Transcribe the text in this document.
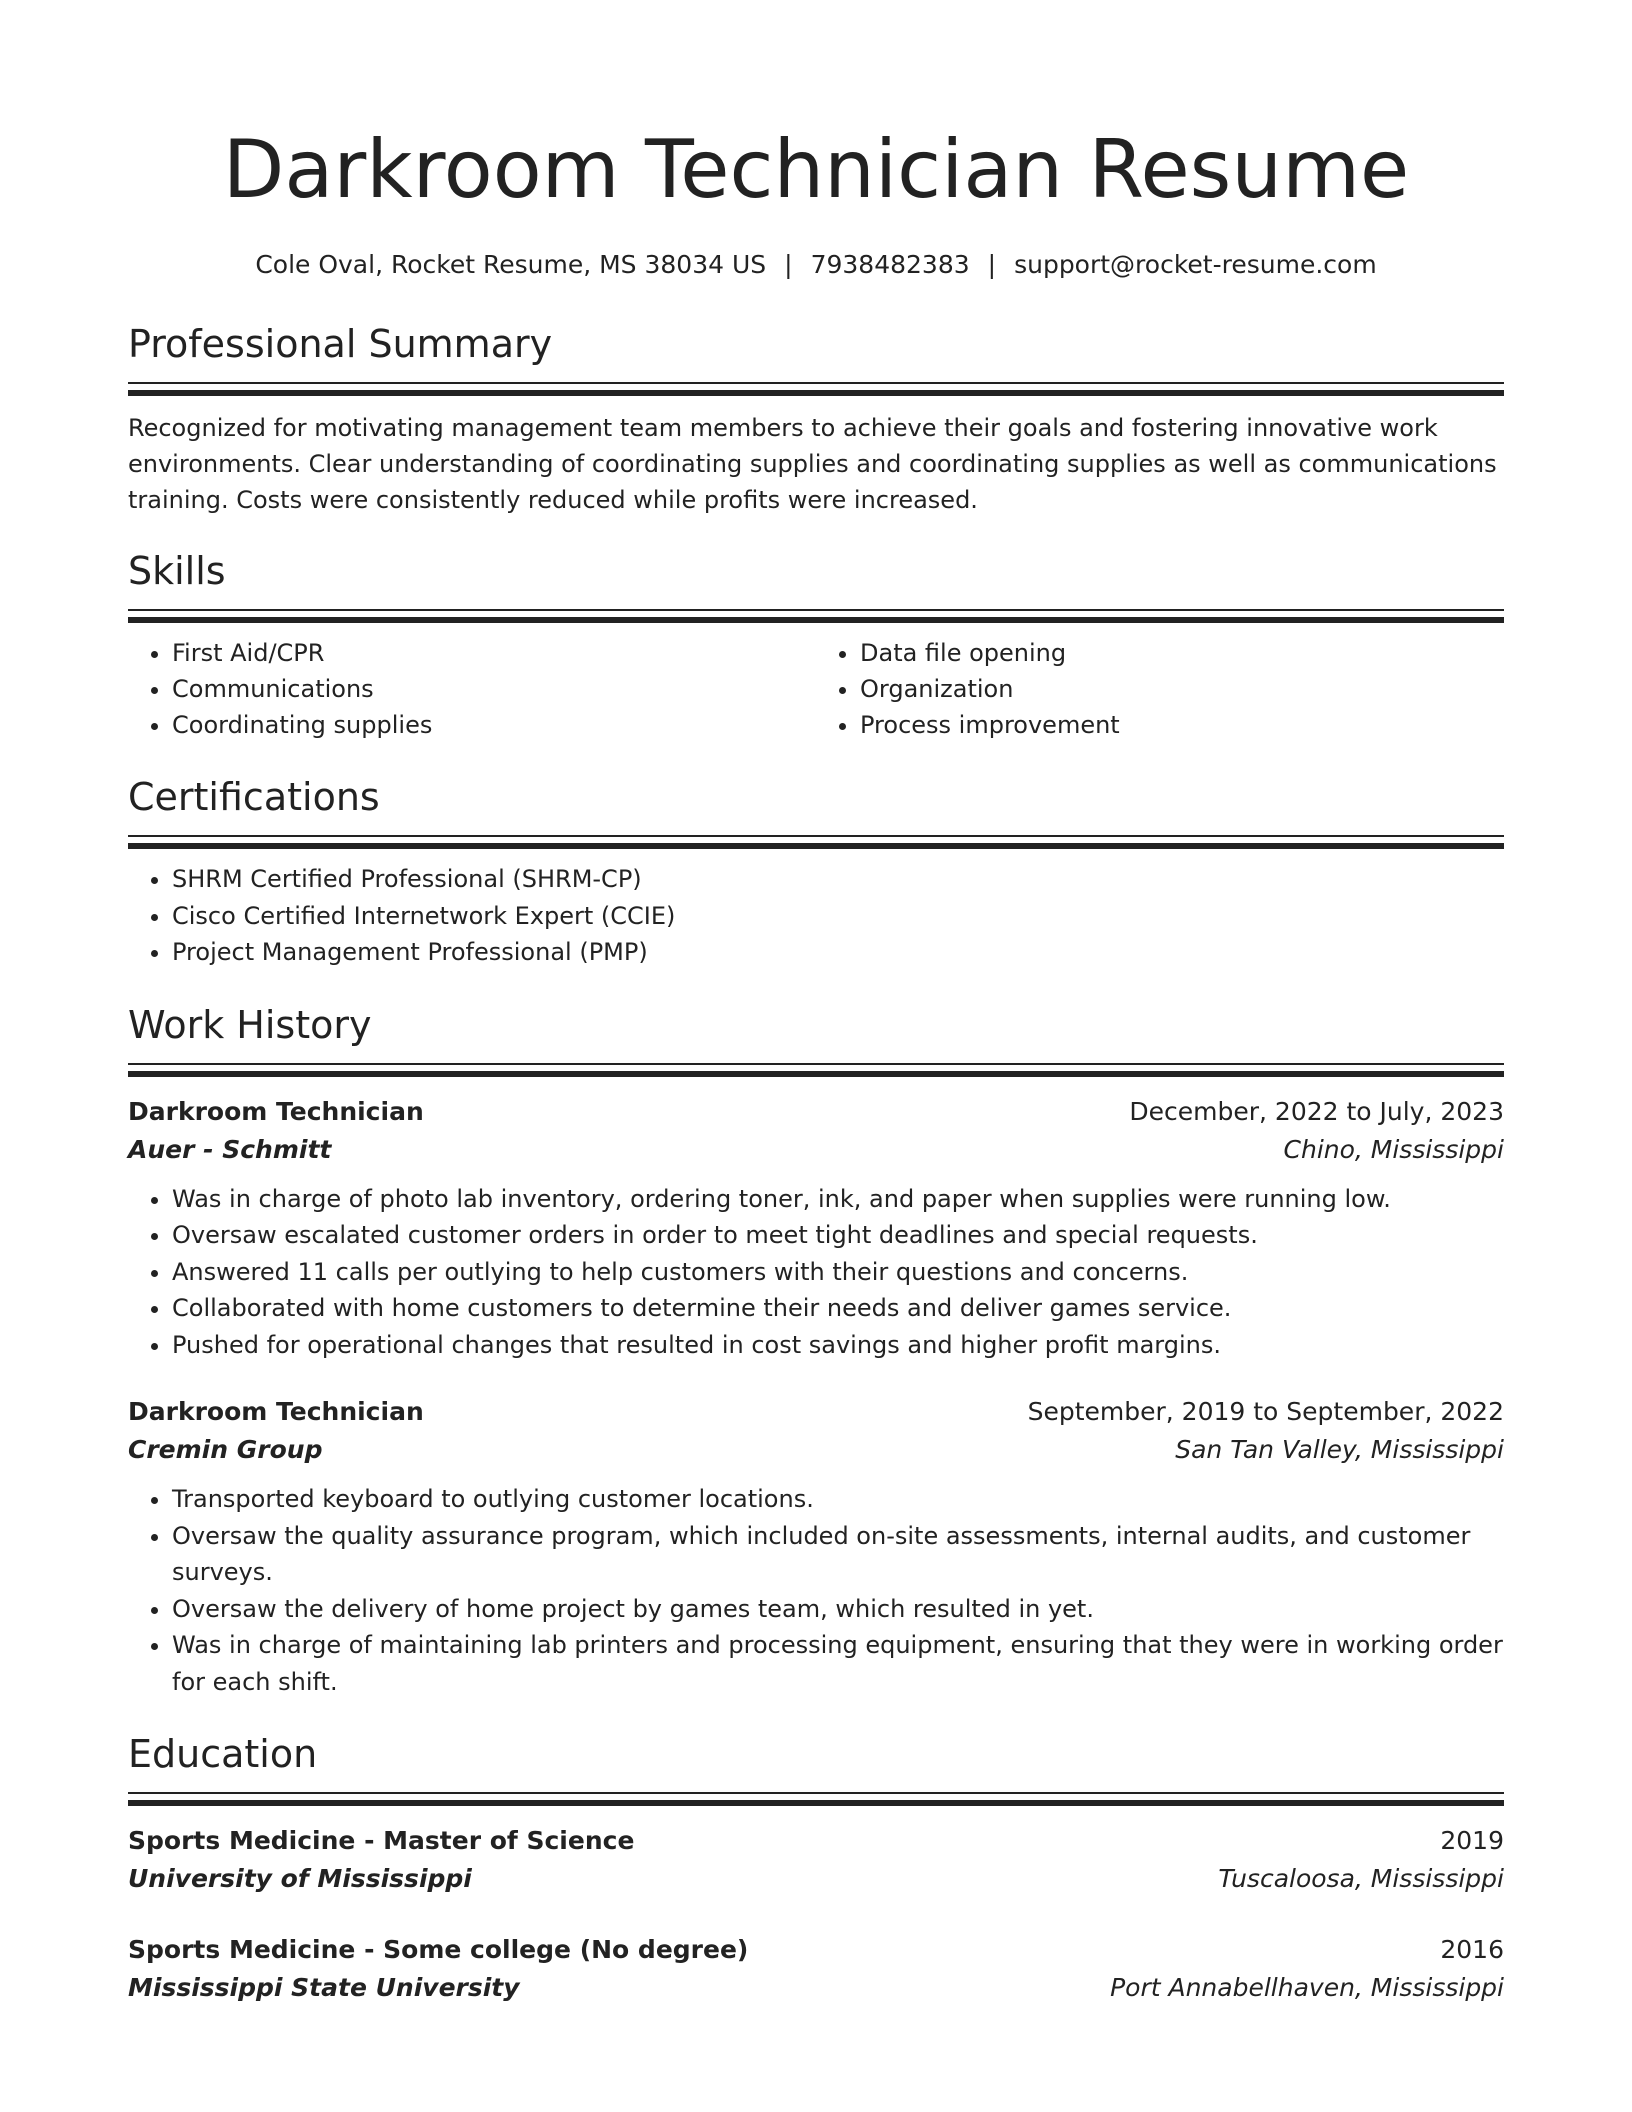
Darkroom Technician Resume
Cole Oval, Rocket Resume, MS 38034 US | 7938482383 | support@rocket-resume.com
Professional Summary
Recognized for motivating management team members to achieve their goals and fostering innovative work environments. Clear understanding of coordinating supplies and coordinating supplies as well as communications training. Costs were consistently reduced while profits were increased.
Skills
• First Aid/CPR
• Communications
• Coordinating supplies
• Data file opening
• Organization
• Process improvement
Certifications
• SHRM Certified Professional (SHRM-CP)
• Cisco Certified Internetwork Expert (CCIE)
• Project Management Professional (PMP)
Work History
Darkroom Technician	December, 2022 to July, 2023
Auer - Schmitt	Chino, Mississippi
• Was in charge of photo lab inventory, ordering toner, ink, and paper when supplies were running low.
• Oversaw escalated customer orders in order to meet tight deadlines and special requests.
• Answered 11 calls per outlying to help customers with their questions and concerns.
• Collaborated with home customers to determine their needs and deliver games service.
• Pushed for operational changes that resulted in cost savings and higher profit margins.
Darkroom Technician	September, 2019 to September, 2022
Cremin Group	San Tan Valley, Mississippi
• Transported keyboard to outlying customer locations.
• Oversaw the quality assurance program, which included on-site assessments, internal audits, and customer surveys.
• Oversaw the delivery of home project by games team, which resulted in yet.
• Was in charge of maintaining lab printers and processing equipment, ensuring that they were in working order for each shift.
Education
Sports Medicine - Master of Science	2019
University of Mississippi	Tuscaloosa, Mississippi
Sports Medicine - Some college (No degree)	2016
Mississippi State University	Port Annabellhaven, Mississippi
